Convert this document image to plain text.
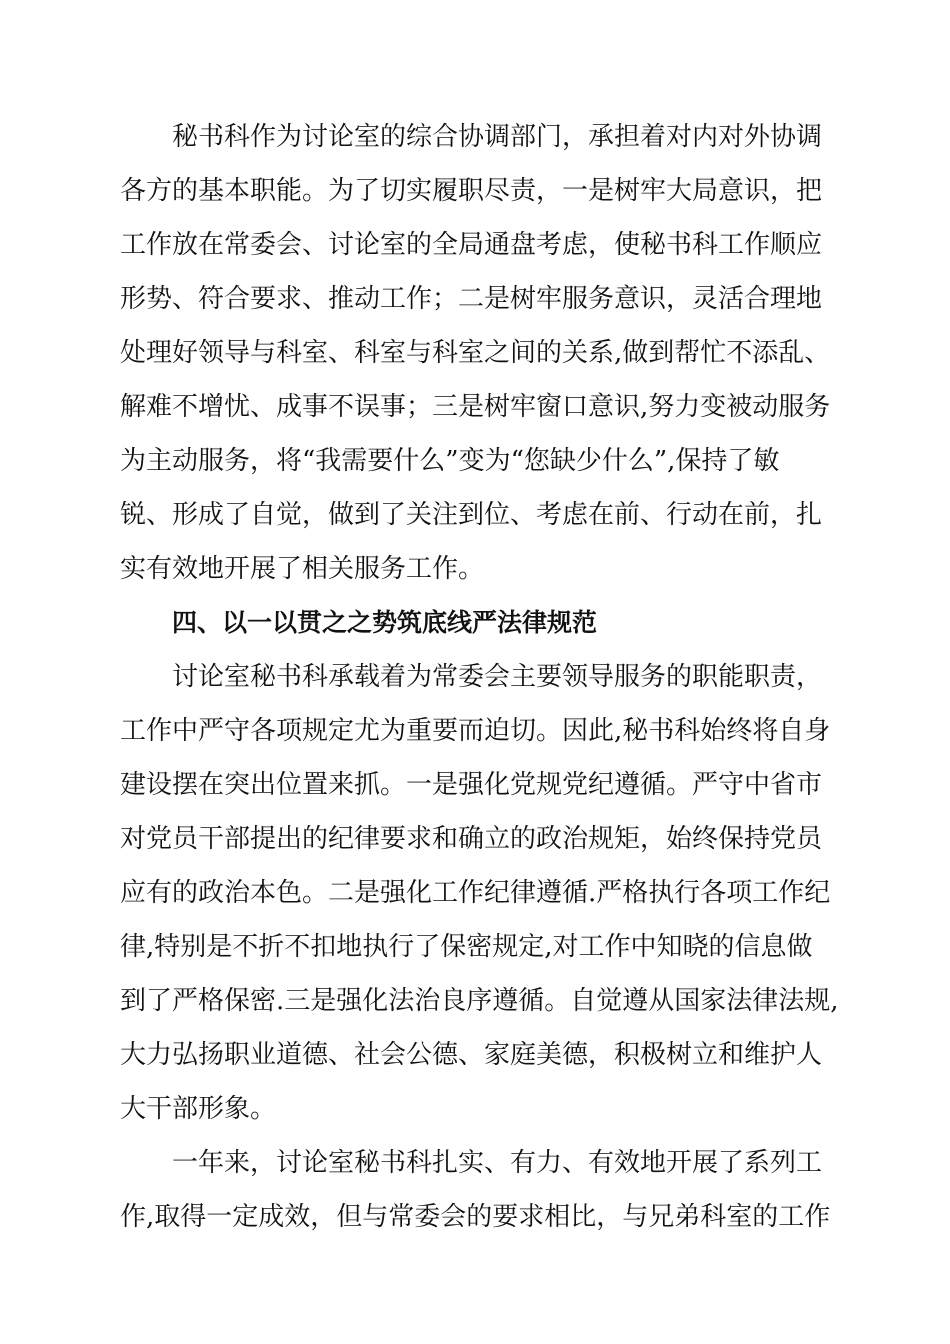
秘书科作为讨论室的综合协调部门，承担着对内对外协调
各方的基本职能。为了切实履职尽责，一是树牢大局意识，把
工作放在常委会、讨论室的全局通盘考虑，使秘书科工作顺应
形势、符合要求、推动工作；二是树牢服务意识，灵活合理地
处理好领导与科室、科室与科室之间的关系,做到帮忙不添乱、
解难不增忧、成事不误事；三是树牢窗口意识,努力变被动服务
为主动服务，将“我需要什么”变为“您缺少什么”,保持了敏
锐、形成了自觉，做到了关注到位、考虑在前、行动在前，扎
实有效地开展了相关服务工作。
四、以一以贯之之势筑底线严法律规范
讨论室秘书科承载着为常委会主要领导服务的职能职责，
工作中严守各项规定尤为重要而迫切。因此,秘书科始终将自身
建设摆在突出位置来抓。一是强化党规党纪遵循。严守中省市
对党员干部提出的纪律要求和确立的政治规矩，始终保持党员
应有的政治本色。二是强化工作纪律遵循.严格执行各项工作纪
律,特别是不折不扣地执行了保密规定,对工作中知晓的信息做
到了严格保密.三是强化法治良序遵循。自觉遵从国家法律法规,
大力弘扬职业道德、社会公德、家庭美德，积极树立和维护人
大干部形象。
一年来，讨论室秘书科扎实、有力、有效地开展了系列工
作,取得一定成效，但与常委会的要求相比，与兄弟科室的工作
